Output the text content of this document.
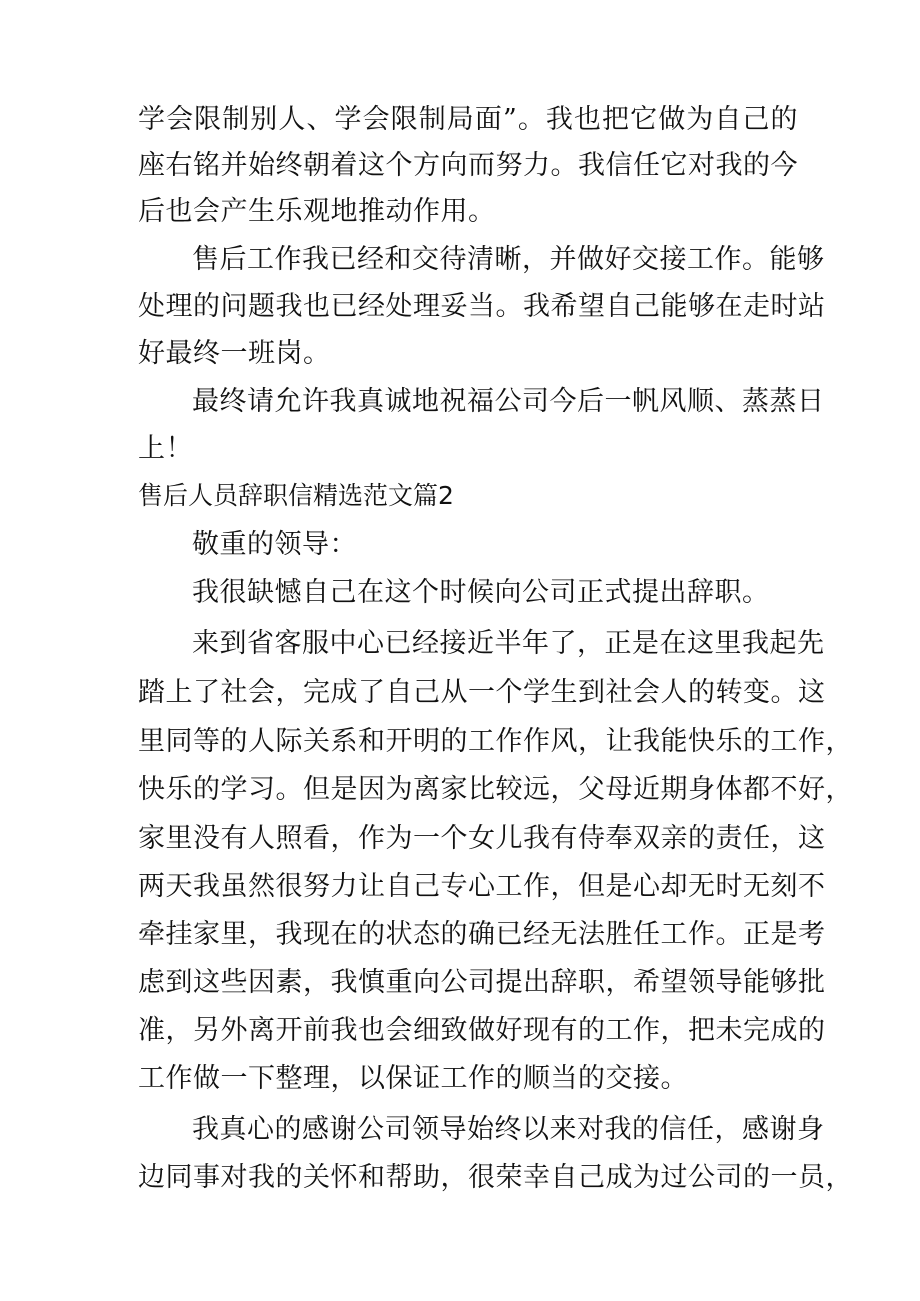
学会限制别人、学会限制局面”。我也把它做为自己的
座右铭并始终朝着这个方向而努力。我信任它对我的今
后也会产生乐观地推动作用。
售后工作我已经和交待清晰，并做好交接工作。能够
处理的问题我也已经处理妥当。我希望自己能够在走时站
好最终一班岗。
最终请允许我真诚地祝福公司今后一帆风顺、蒸蒸日
上！
售后人员辞职信精选范文篇2
敬重的领导：
我很缺憾自己在这个时候向公司正式提出辞职。
来到省客服中心已经接近半年了，正是在这里我起先
踏上了社会，完成了自己从一个学生到社会人的转变。这
里同等的人际关系和开明的工作作风，让我能快乐的工作，
快乐的学习。但是因为离家比较远，父母近期身体都不好，
家里没有人照看，作为一个女儿我有侍奉双亲的责任，这
两天我虽然很努力让自己专心工作，但是心却无时无刻不
牵挂家里，我现在的状态的确已经无法胜任工作。正是考
虑到这些因素，我慎重向公司提出辞职，希望领导能够批
准，另外离开前我也会细致做好现有的工作，把未完成的
工作做一下整理，以保证工作的顺当的交接。
我真心的感谢公司领导始终以来对我的信任，感谢身
边同事对我的关怀和帮助，很荣幸自己成为过公司的一员，
